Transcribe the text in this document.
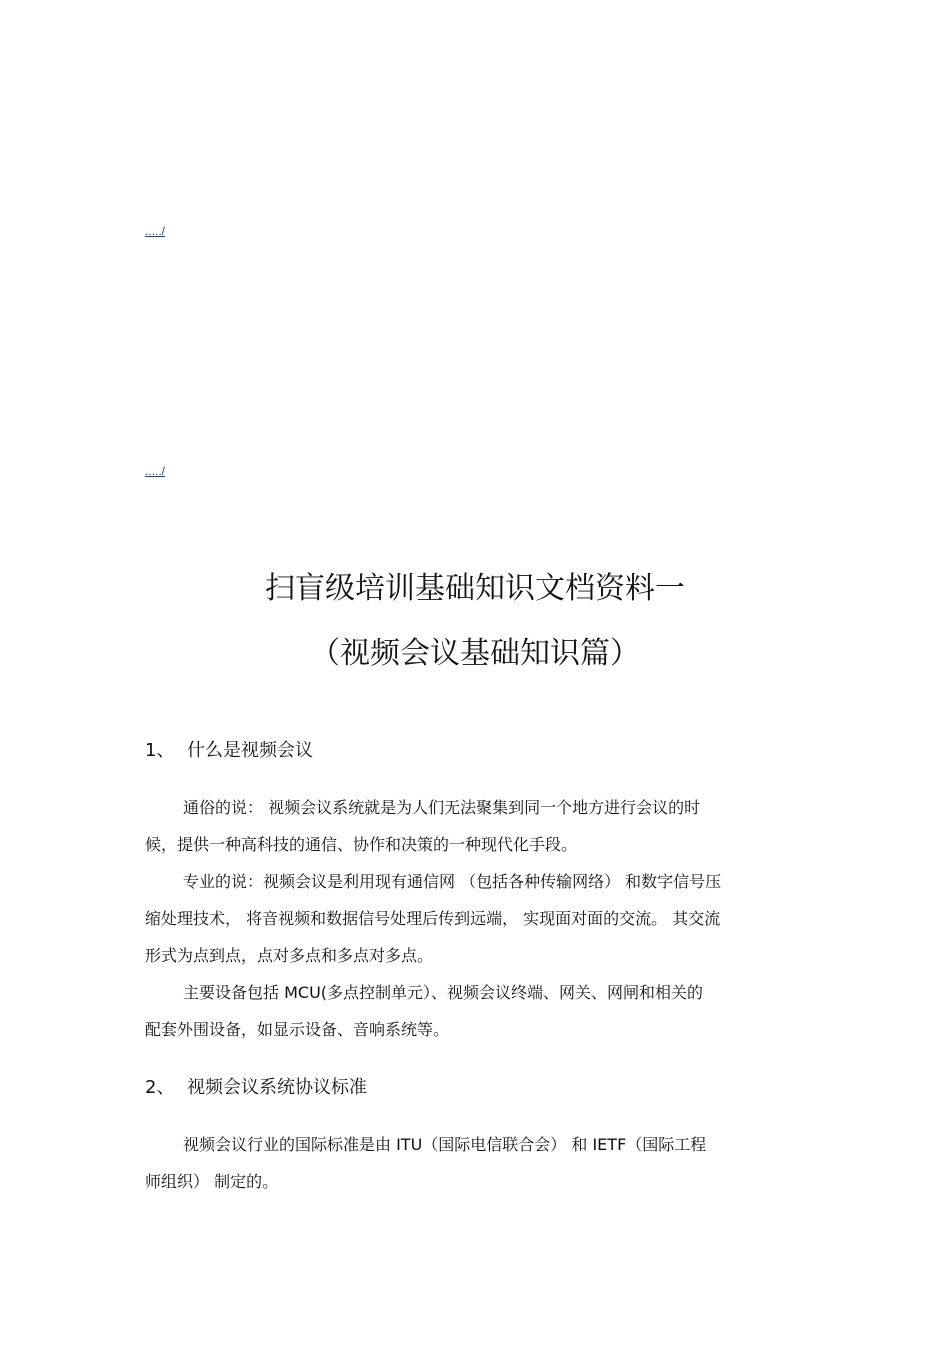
...../
...../
扫盲级培训基础知识文档资料一
（视频会议基础知识篇）
1、 什么是视频会议
通俗的说： 视频会议系统就是为人们无法聚集到同一个地方进行会议的时
候，提供一种高科技的通信、协作和决策的一种现代化手段。
专业的说：视频会议是利用现有通信网 （包括各种传输网络） 和数字信号压
缩处理技术， 将音视频和数据信号处理后传到远端， 实现面对面的交流。 其交流
形式为点到点，点对多点和多点对多点。
主要设备包括 MCU(多点控制单元）、视频会议终端、网关、网闸和相关的
配套外围设备，如显示设备、音响系统等。
2、 视频会议系统协议标准
视频会议行业的国际标准是由 ITU（国际电信联合会） 和 IETF（国际工程
师组织） 制定的。
